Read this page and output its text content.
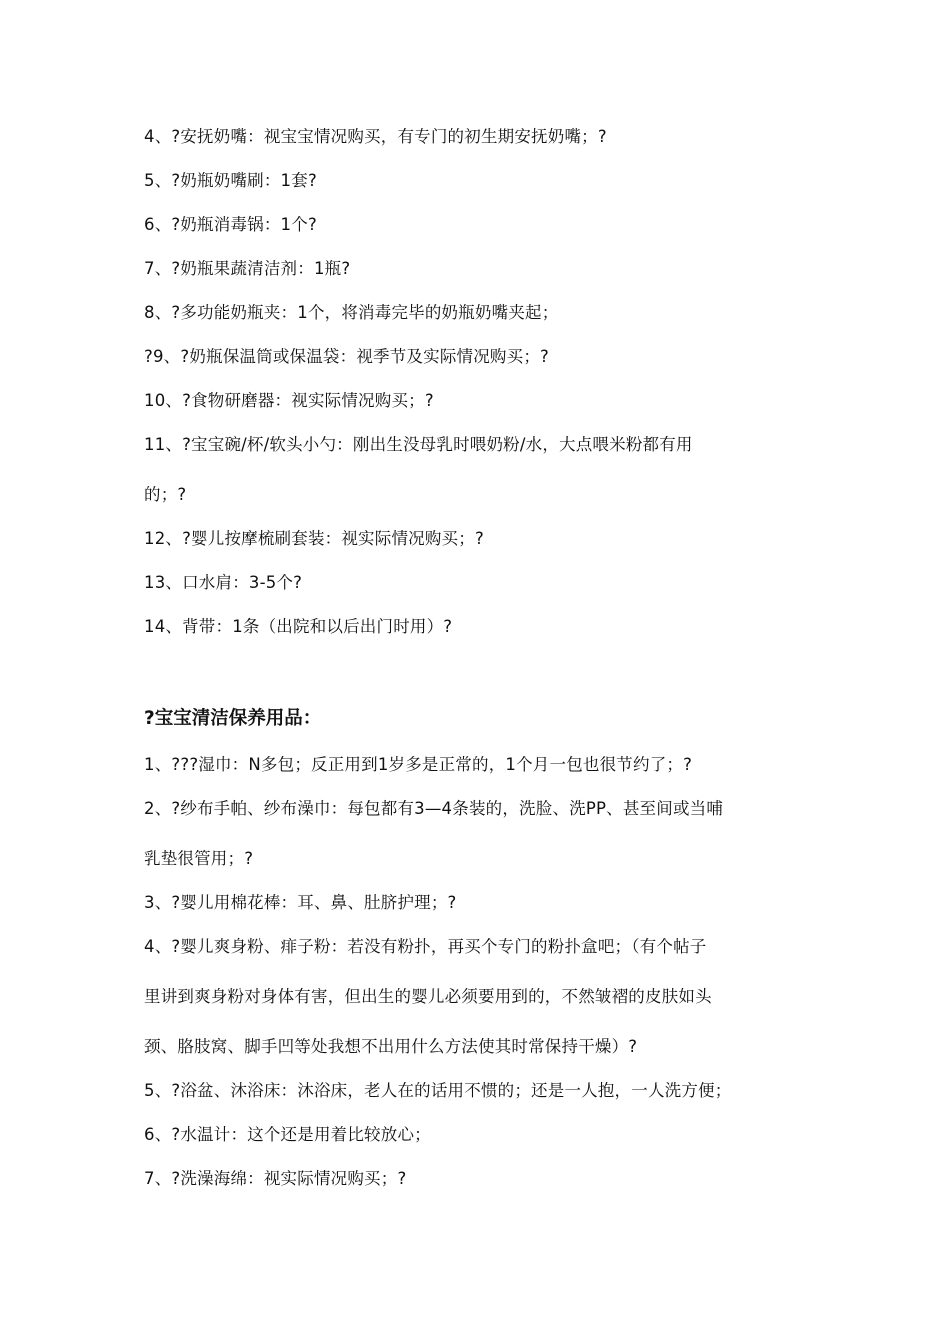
4、?安抚奶嘴：视宝宝情况购买，有专门的初生期安抚奶嘴；?
5、?奶瓶奶嘴刷：1套?
6、?奶瓶消毒锅：1个?
7、?奶瓶果蔬清洁剂：1瓶?
8、?多功能奶瓶夹：1个，将消毒完毕的奶瓶奶嘴夹起；
?9、?奶瓶保温筒或保温袋：视季节及实际情况购买；?
10、?食物研磨器：视实际情况购买；?
11、?宝宝碗/杯/软头小勺：刚出生没母乳时喂奶粉/水，大点喂米粉都有用
的；?
12、?婴儿按摩梳刷套装：视实际情况购买；?
13、口水肩：3-5个?
14、背带：1条（出院和以后出门时用）?
?宝宝清洁保养用品：
1、???湿巾：N多包；反正用到1岁多是正常的，1个月一包也很节约了；?
2、?纱布手帕、纱布澡巾：每包都有3—4条装的，洗脸、洗PP、甚至间或当哺
乳垫很管用；?
3、?婴儿用棉花棒：耳、鼻、肚脐护理；?
4、?婴儿爽身粉、痱子粉：若没有粉扑，再买个专门的粉扑盒吧；（有个帖子
里讲到爽身粉对身体有害，但出生的婴儿必须要用到的，不然皱褶的皮肤如头
颈、胳肢窝、脚手凹等处我想不出用什么方法使其时常保持干燥）?
5、?浴盆、沐浴床：沐浴床，老人在的话用不惯的；还是一人抱，一人洗方便；
6、?水温计：这个还是用着比较放心；
7、?洗澡海绵：视实际情况购买；?
